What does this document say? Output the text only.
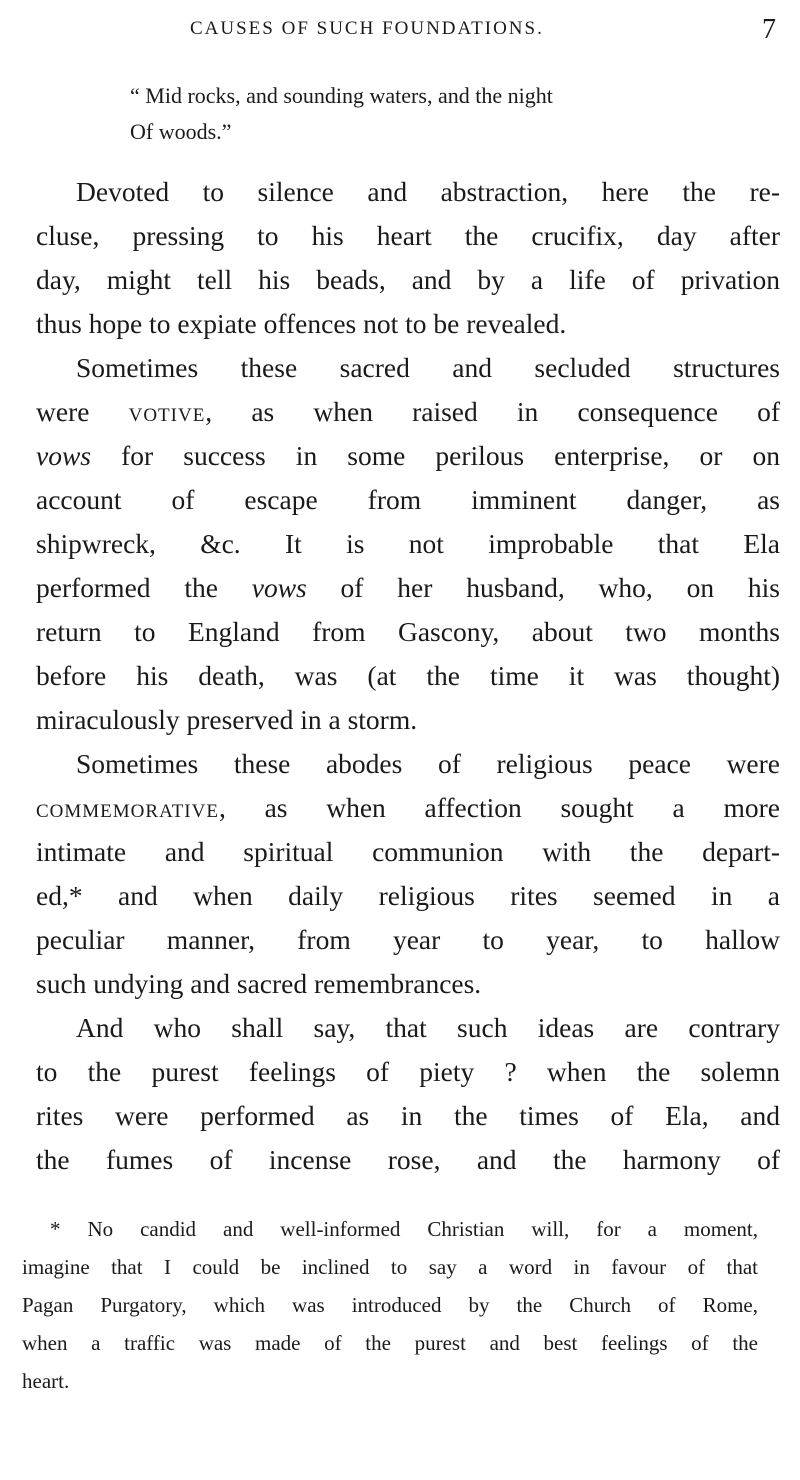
CAUSES OF SUCH FOUNDATIONS.	7
“ Mid rocks, and sounding waters, and the night
Of woods.”

Devoted to silence and abstraction, here the re-
cluse, pressing to his heart the crucifix, day after
day, might tell his beads, and by a life of privation
thus hope to expiate offences not to be revealed.

Sometimes these sacred and secluded structures
were votive, as when raised in consequence of
vows for success in some perilous enterprise, or on
account of escape from imminent danger, as
shipwreck, &c. It is not improbable that Ela
performed the vows of her husband, who, on his
return to England from Gascony, about two months
before his death, was (at the time it was thought)
miraculously preserved in a storm.

Sometimes these abodes of religious peace were
commemorative, as when affection sought a more
intimate and spiritual communion with the depart-
ed,* and when daily religious rites seemed in a
peculiar manner, from year to year, to hallow
such undying and sacred remembrances.

And who shall say, that such ideas are contrary
to the purest feelings of piety ? when the solemn
rites were performed as in the times of Ela, and
the fumes of incense rose, and the harmony of

* No candid and well-informed Christian will, for a moment,
imagine that I could be inclined to say a word in favour of that
Pagan Purgatory, which was introduced by the Church of Rome,
when a traffic was made of the purest and best feelings of the
heart.
